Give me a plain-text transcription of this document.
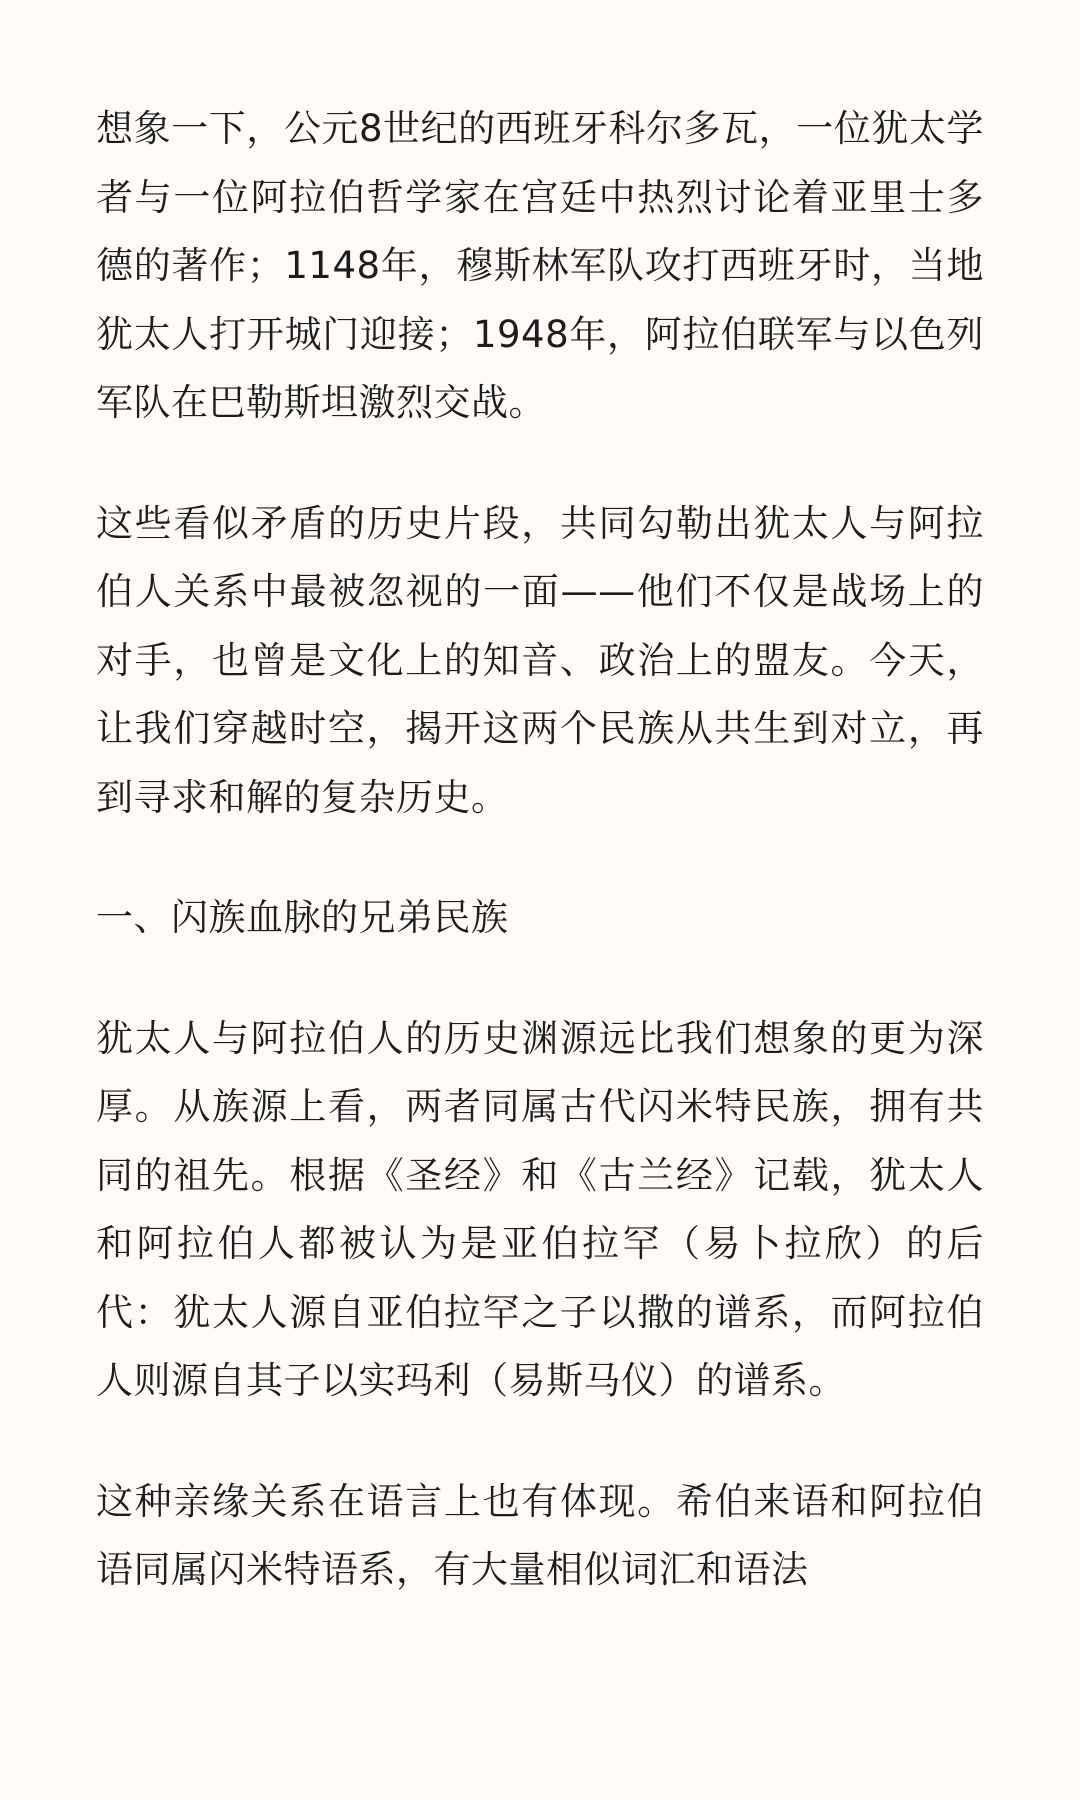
想象一下，公元8世纪的西班牙科尔多瓦，一位犹太学者与一位阿拉伯哲学家在宫廷中热烈讨论着亚里士多德的著作；1148年，穆斯林军队攻打西班牙时，当地犹太人打开城门迎接；1948年，阿拉伯联军与以色列军队在巴勒斯坦激烈交战。

这些看似矛盾的历史片段，共同勾勒出犹太人与阿拉伯人关系中最被忽视的一面——他们不仅是战场上的对手，也曾是文化上的知音、政治上的盟友。今天，让我们穿越时空，揭开这两个民族从共生到对立，再到寻求和解的复杂历史。

一、闪族血脉的兄弟民族

犹太人与阿拉伯人的历史渊源远比我们想象的更为深厚。从族源上看，两者同属古代闪米特民族，拥有共同的祖先。根据《圣经》和《古兰经》记载，犹太人和阿拉伯人都被认为是亚伯拉罕（易卜拉欣）的后代：犹太人源自亚伯拉罕之子以撒的谱系，而阿拉伯人则源自其子以实玛利（易斯马仪）的谱系。

这种亲缘关系在语言上也有体现。希伯来语和阿拉伯语同属闪米特语系，有大量相似词汇和语法
